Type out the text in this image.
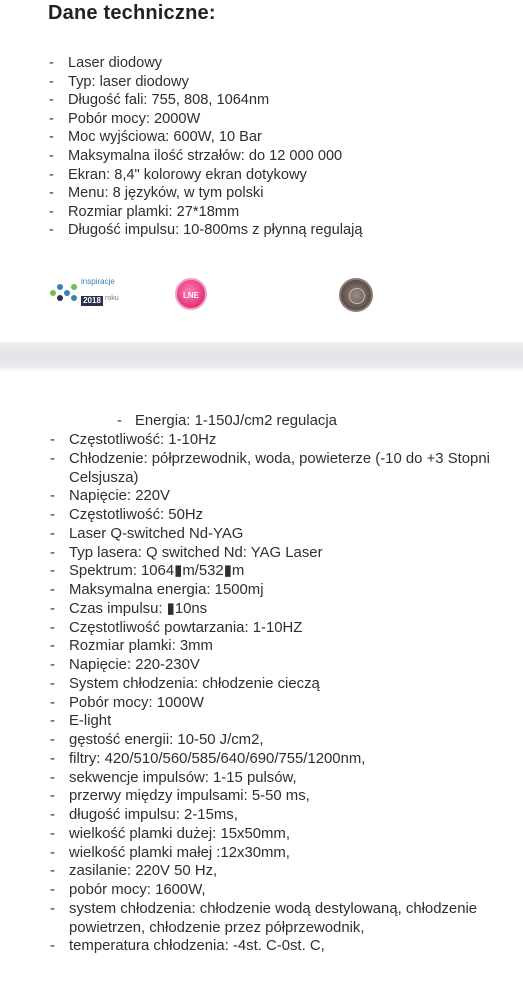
Dane techniczne:
- Laser diodowy
- Typ: laser diodowy
- Długość fali: 755, 808, 1064nm
- Pobór mocy: 2000W
- Moc wyjściowa: 600W, 10 Bar
- Maksymalna ilość strzałów: do 12 000 000
- Ekran: 8,4" kolorowy ekran dotykowy
- Menu: 8 języków, w tym polski
- Rozmiar plamki: 27*18mm
- Długość impulsu: 10-800ms z płynną regulają
inspiracje
2018 roku	LNE
- Energia: 1-150J/cm2 regulacja
- Częstotliwość: 1-10Hz
- Chłodzenie: półprzewodnik, woda, powieterze (-10 do +3 Stopni Celsjusza)
- Napięcie: 220V
- Częstotliwość: 50Hz
- Laser Q-switched Nd-YAG
- Typ lasera: Q switched Nd: YAG Laser
- Spektrum: 1064▮m/532▮m
- Maksymalna energia: 1500mj
- Czas impulsu: ▮10ns
- Częstotliwość powtarzania: 1-10HZ
- Rozmiar plamki: 3mm
- Napięcie: 220-230V
- System chłodzenia: chłodzenie cieczą
- Pobór mocy: 1000W
- E-light
- gęstość energii: 10-50 J/cm2,
- filtry: 420/510/560/585/640/690/755/1200nm,
- sekwencje impulsów: 1-15 pulsów,
- przerwy między impulsami: 5-50 ms,
- długość impulsu: 2-15ms,
- wielkość plamki dużej: 15x50mm,
- wielkość plamki małej :12x30mm,
- zasilanie: 220V 50 Hz,
- pobór mocy: 1600W,
- system chłodzenia: chłodzenie wodą destylowaną, chłodzenie powietrzen, chłodzenie przez półprzewodnik,
- temperatura chłodzenia: -4st. C-0st. C,
